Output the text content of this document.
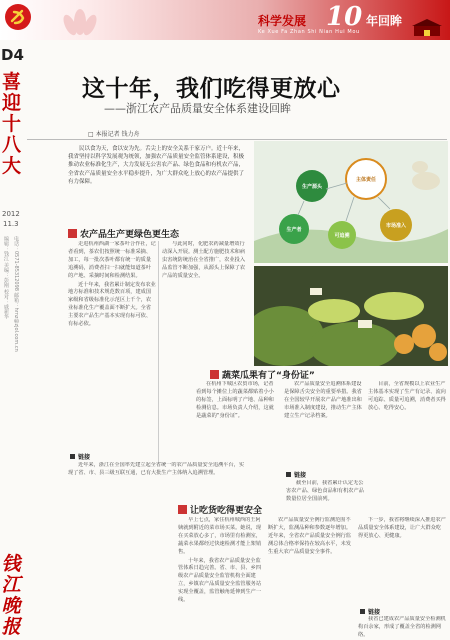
科学发展 10 年回眸
Ke Xue Fa Zhan Shi Nian Hui Mou
D4
喜迎十八大
2012
11.3
编辑：钱江 美编：彭刚 校对：戚新华 电话：0571-85312098 邮箱：hrnz@zjol.com.cn
钱江晚报
这十年，我们吃得更放心
——浙江农产品质量安全体系建设回眸
□ 本报记者 钱力舟

民以食为天，食以安为先。舌尖上的安全关系千家万户。近十年来，我省坚持以科学发展观为统领，加强农产品质量安全监管体系建设，积极推动农业标准化生产，大力发展无公害农产品、绿色食品和有机农产品，全省农产品质量安全水平稳步提升，为广大群众吃上放心的农产品提供了有力保障。

生产源头
主体责任
生产者
可追溯
市场准入
农产品生产更绿色更生态

走进杭州西湖一家茶叶合作社，记者看到，茶农们按照统一标准采摘、加工，每一批次茶叶都有统一的质量追溯码，消费者扫一扫就能知道茶叶的产地、采摘时间和检测结果。

近十年来，我省累计制定发布农业地方标准和技术规范数百项，建成国家级和省级标准化示范区上千个，农业标准化生产覆盖面不断扩大。全省主要农产品生产基本实现有标可依、有标必依。

与此同时，化肥农药减量增效行动深入开展。测土配方施肥技术和病虫害统防统治在全省推广，农业投入品监管不断加强，从源头上保障了农产品的质量安全。

链接

近年来，浙江在全国率先建立起全省统一的农产品质量安全追溯平台，实现了省、市、县三级互联互通，已有大批生产主体纳入追溯管理。

蔬菜瓜果有了“身份证”

在杭州下城区农贸市场，记者看到每个摊位上的蔬菜都贴着小小的标签，上面标明了产地、品种和检测信息。市场负责人介绍，这就是蔬菜的“身份证”。

农产品质量安全追溯体系建设是保障舌尖安全的重要举措。我省在全国较早开展农产品产地准出和市场准入制度建设，推动生产主体建立生产记录档案。

目前，全省规模以上农业生产主体基本实现了生产有记录、流向可追踪、质量可追溯，消费者买得放心、吃得安心。

链接

截至目前，我省累计认定无公害农产品、绿色食品和有机农产品数量位居全国前列。

让吃货吃得更安全

早上七点，家住杭州城西的王阿姨就到附近的菜市场买菜。她说，现在买菜放心多了，市场里有检测室，蔬菜水果都经过快速检测才能上架销售。

十年来，我省农产品质量安全监管体系日趋完善。省、市、县、乡四级农产品质量安全监管机构全面建立，乡镇农产品质量安全监管服务站实现全覆盖，监管触角延伸到生产一线。

农产品质量安全例行监测范围不断扩大，监测品种和参数逐年增加。近年来，全省农产品质量安全例行监测总体合格率保持在较高水平，未发生重大农产品质量安全事件。

下一步，我省将继续深入推进农产品质量安全体系建设，让广大群众吃得更放心、更健康。

链接

我省已建成农产品质量安全检测机构百余家，形成了覆盖全省的检测网络。
